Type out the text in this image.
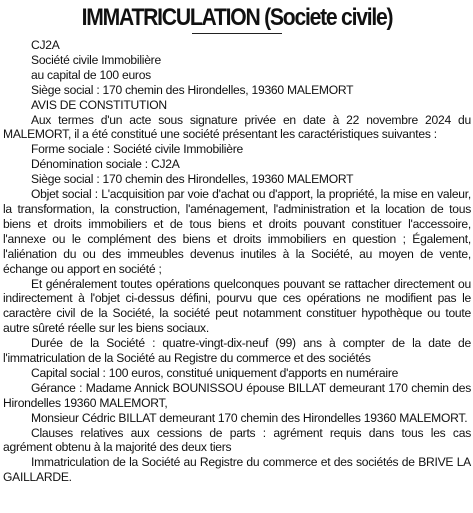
IMMATRICULATION (Societe civile)

CJ2A

Société civile Immobilière

au capital de 100 euros

Siège social : 170 chemin des Hirondelles, 19360 MALEMORT

AVIS DE CONSTITUTION

Aux termes d'un acte sous signature privée en date à 22 novembre 2024 du MALEMORT, il a été constitué une société présentant les caractéristiques suivantes :

Forme sociale : Société civile Immobilière

Dénomination sociale : CJ2A

Siège social : 170 chemin des Hirondelles, 19360 MALEMORT

Objet social : L'acquisition par voie d'achat ou d'apport, la propriété, la mise en valeur, la transformation, la construction, l'aménagement, l'administration et la location de tous biens et droits immobiliers et de tous biens et droits pouvant constituer l'accessoire, l'annexe ou le complément des biens et droits immobiliers en question ; Également, l'aliénation du ou des immeubles devenus inutiles à la Société, au moyen de vente, échange ou apport en société ;

Et généralement toutes opérations quelconques pouvant se rattacher directement ou indirectement à l'objet ci-dessus défini, pourvu que ces opérations ne modifient pas le caractère civil de la Société, la société peut notamment constituer hypothèque ou toute autre sûreté réelle sur les biens sociaux.

Durée de la Société : quatre-vingt-dix-neuf (99) ans à compter de la date de l'immatriculation de la Société au Registre du commerce et des sociétés

Capital social : 100 euros, constitué uniquement d'apports en numéraire

Gérance : Madame Annick BOUNISSOU épouse BILLAT demeurant 170 chemin des Hirondelles 19360 MALEMORT,

Monsieur Cédric BILLAT demeurant 170 chemin des Hirondelles 19360 MALEMORT.

Clauses relatives aux cessions de parts : agrément requis dans tous les cas agrément obtenu à la majorité des deux tiers

Immatriculation de la Société au Registre du commerce et des sociétés de BRIVE LA GAILLARDE.
